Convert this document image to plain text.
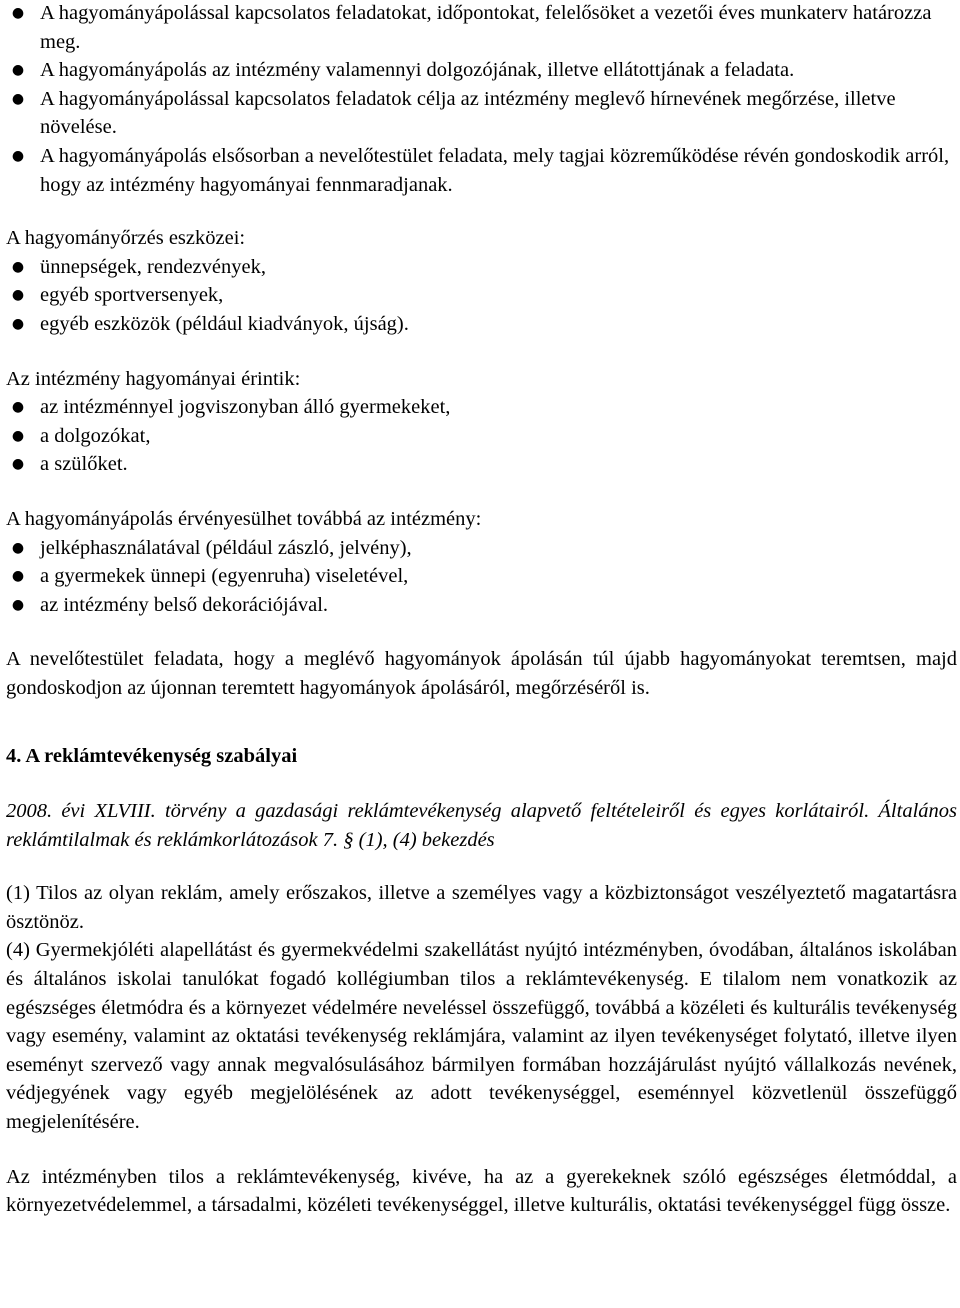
● A hagyományápolással kapcsolatos feladatokat, időpontokat, felelősöket a vezetői éves munkaterv határozza meg.
● A hagyományápolás az intézmény valamennyi dolgozójának, illetve ellátottjának a feladata.
● A hagyományápolással kapcsolatos feladatok célja az intézmény meglevő hírnevének megőrzése, illetve növelése.
● A hagyományápolás elsősorban a nevelőtestület feladata, mely tagjai közreműködése révén gondoskodik arról, hogy az intézmény hagyományai fennmaradjanak.

A hagyományőrzés eszközei:

● ünnepségek, rendezvények,
● egyéb sportversenyek,
● egyéb eszközök (például kiadványok, újság).

Az intézmény hagyományai érintik:

● az intézménnyel jogviszonyban álló gyermekeket,
● a dolgozókat,
● a szülőket.

A hagyományápolás érvényesülhet továbbá az intézmény:

● jelképhasználatával (például zászló, jelvény),
● a gyermekek ünnepi (egyenruha) viseletével,
● az intézmény belső dekorációjával.

A nevelőtestület feladata, hogy a meglévő hagyományok ápolásán túl újabb hagyományokat teremtsen, majd gondoskodjon az újonnan teremtett hagyományok ápolásáról, megőrzéséről is.

4. A reklámtevékenység szabályai

2008. évi XLVIII. törvény a gazdasági reklámtevékenység alapvető feltételeiről és egyes korlátairól. Általános reklámtilalmak és reklámkorlátozások 7. § (1), (4) bekezdés

(1) Tilos az olyan reklám, amely erőszakos, illetve a személyes vagy a közbiztonságot veszélyeztető magatartásra ösztönöz.

(4) Gyermekjóléti alapellátást és gyermekvédelmi szakellátást nyújtó intézményben, óvodában, általános iskolában és általános iskolai tanulókat fogadó kollégiumban tilos a reklámtevékenység. E tilalom nem vonatkozik az egészséges életmódra és a környezet védelmére neveléssel összefüggő, továbbá a közéleti és kulturális tevékenység vagy esemény, valamint az oktatási tevékenység reklámjára, valamint az ilyen tevékenységet folytató, illetve ilyen eseményt szervező vagy annak megvalósulásához bármilyen formában hozzájárulást nyújtó vállalkozás nevének, védjegyének vagy egyéb megjelölésének az adott tevékenységgel, eseménnyel közvetlenül összefüggő megjelenítésére.

Az intézményben tilos a reklámtevékenység, kivéve, ha az a gyerekeknek szóló egészséges életmóddal, a környezetvédelemmel, a társadalmi, közéleti tevékenységgel, illetve kulturális, oktatási tevékenységgel függ össze.
